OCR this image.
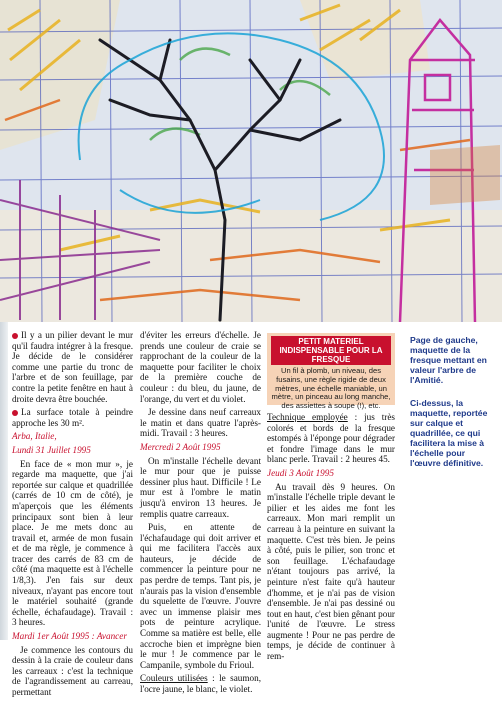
Il y a un pilier devant le mur qu'il faudra intégrer à la fresque. Je décide de le considérer comme une partie du tronc de l'arbre et de son feuillage, par contre la petite fenêtre en haut à droite devra être bouchée.

La surface totale à peindre approche les 30 m².

Arba, Italie,

Lundi 31 Juillet 1995

En face de « mon mur », je regarde ma maquette, que j'ai reportée sur calque et quadrillée (carrés de 10 cm de côté), je m'aperçois que les éléments principaux sont bien à leur place. Je me mets donc au travail et, armée de mon fusain et de ma règle, je commence à tracer des carrés de 83 cm de côté (ma maquette est à l'échelle 1/8,3). J'en fais sur deux niveaux, n'ayant pas encore tout le matériel souhaité (grande échelle, échafaudage). Travail : 3 heures.

Mardi 1er Août 1995 : Avancer

Je commence les contours du dessin à la craie de couleur dans les carreaux : c'est la technique de l'agrandissement au carreau, permettant

d'éviter les erreurs d'échelle. Je prends une couleur de craie se rapprochant de la couleur de la maquette pour faciliter le choix de la première couche de couleur : du bleu, du jaune, de l'orange, du vert et du violet.

Je dessine dans neuf carreaux le matin et dans quatre l'après-midi. Travail : 3 heures.

Mercredi 2 Août 1995

On m'installe l'échelle devant le mur pour que je puisse dessiner plus haut. Difficile ! Le mur est à l'ombre le matin jusqu'à environ 13 heures. Je remplis quatre carreaux.

Puis, en attente de l'échafaudage qui doit arriver et qui me facilitera l'accès aux hauteurs, je décide de commencer la peinture pour ne pas perdre de temps. Tant pis, je n'aurais pas la vision d'ensemble du squelette de l'œuvre. J'ouvre avec un immense plaisir mes pots de peinture acrylique. Comme sa matière est belle, elle accroche bien et imprègne bien le mur ! Je commence par le Campanile, symbole du Frioul.

Couleurs utilisées : le saumon, l'ocre jaune, le blanc, le violet.

PETIT MATERIEL INDISPENSABLE POUR LA FRESQUE
Un fil à plomb, un niveau, des fusains, une règle rigide de deux mètres, une échelle maniable, un mètre, un pinceau au long manche, des assiettes à soupe (!), etc.

Technique employée : jus très colorés et bords de la fresque estompés à l'éponge pour dégrader et fondre l'image dans le mur blanc perle. Travail : 2 heures 45.

Jeudi 3 Août 1995

Au travail dès 9 heures. On m'installe l'échelle triple devant le pilier et les aides me font les carreaux. Mon mari remplit un carreau à la peinture en suivant la maquette. C'est très bien. Je peins à côté, puis le pilier, son tronc et son feuillage. L'échafaudage n'étant toujours pas arrivé, la peinture n'est faite qu'à hauteur d'homme, et je n'ai pas de vision d'ensemble. Je n'ai pas dessiné ou tout en haut, c'est bien gênant pour l'unité de l'œuvre. Le stress augmente ! Pour ne pas perdre de temps, je décide de continuer à rem-

Page de gauche, maquette de la fresque mettant en valeur l'arbre de l'Amitié.
Ci-dessus, la maquette, reportée sur calque et quadrillée, ce qui facilitera la mise à l'échelle pour l'œuvre définitive.
